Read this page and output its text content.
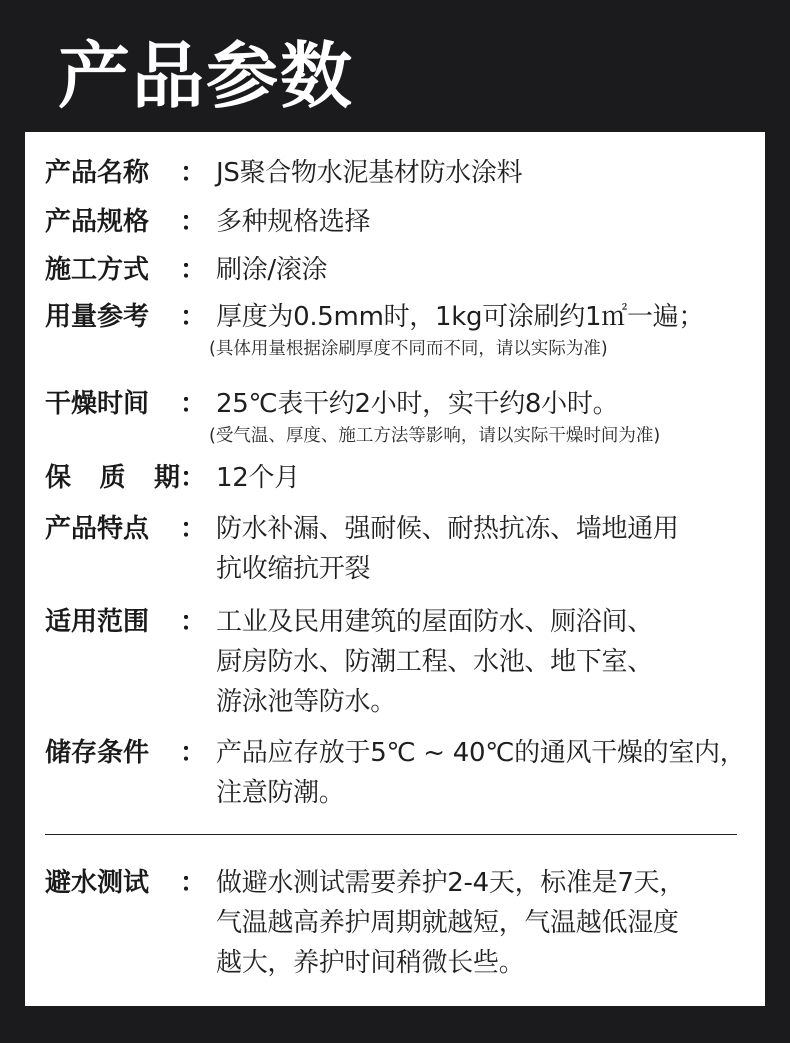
产品参数
产品名称	： JS聚合物水泥基材防水涂料
产品规格	： 多种规格选择
施工方式	： 刷涂/滚涂
用量参考	： 厚度为0.5mm时，1kg可涂刷约1㎡一遍；
(具体用量根据涂刷厚度不同而不同，请以实际为准)
干燥时间	： 25℃表干约2小时，实干约8小时。
(受气温、厚度、施工方法等影响，请以实际干燥时间为准)
保 质 期 ： 12个月
产品特点	： 防水补漏、强耐候、耐热抗冻、墙地通用
抗收缩抗开裂
适用范围	： 工业及民用建筑的屋面防水、厕浴间、
厨房防水、防潮工程、水池、地下室、
游泳池等防水。
储存条件	： 产品应存放于5℃ ~ 40℃的通风干燥的室内，
注意防潮。
避水测试	： 做避水测试需要养护2-4天，标准是7天，
气温越高养护周期就越短，气温越低湿度
越大，养护时间稍微长些。
